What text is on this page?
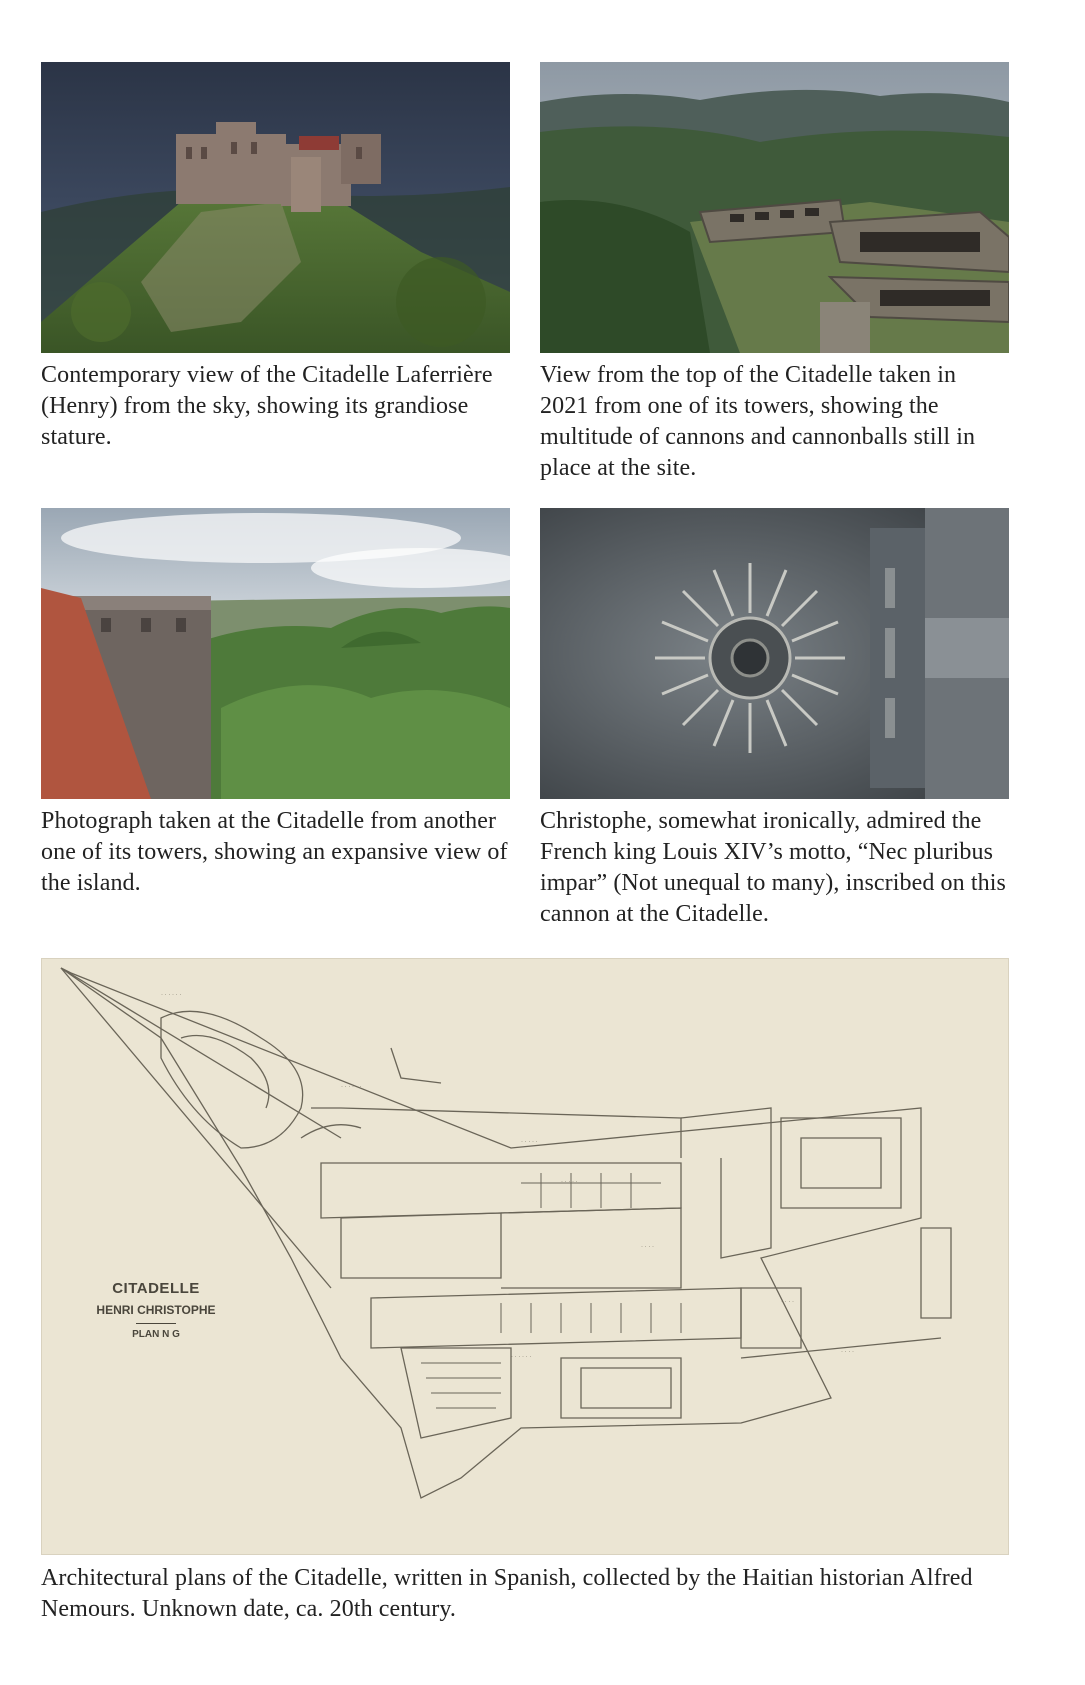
Contemporary view of the Citadelle Laferrière (Henry) from the sky, showing its grandiose stature.

View from the top of the Citadelle taken in 2021 from one of its towers, showing the multitude of cannons and cannonballs still in place at the site.

Photograph taken at the Citadelle from another one of its towers, showing an expansive view of the island.

Christophe, somewhat ironically, admired the French king Louis XIV’s motto, “Nec pluribus impar” (Not unequal to many), inscribed on this cannon at the Citadelle.

· · · · · ·
· · · · · ·
· · · · ·
· · · · ·
· · · ·
· · · ·
· · · · · ·
· · · ·
CITADELLE
HENRI CHRISTOPHE
PLAN N G

Architectural plans of the Citadelle, written in Spanish, collected by the Haitian historian Alfred Nemours. Unknown date, ca. 20th century.
